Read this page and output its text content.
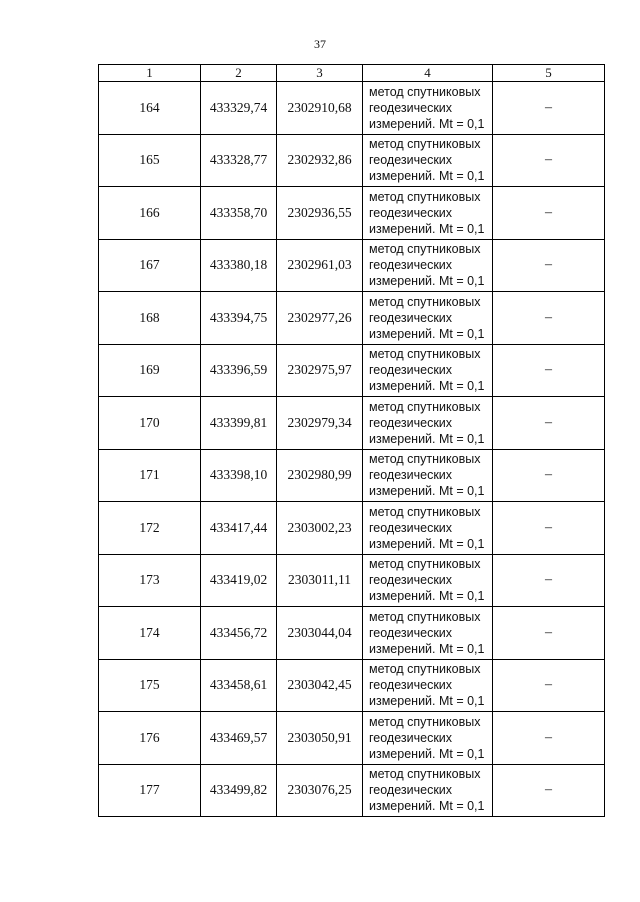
37
1	2	3	4	5
164	433329,74	2302910,68	метод спутниковых
геодезических
измерений. Mt = 0,1	–
165	433328,77	2302932,86	метод спутниковых
геодезических
измерений. Mt = 0,1	–
166	433358,70	2302936,55	метод спутниковых
геодезических
измерений. Mt = 0,1	–
167	433380,18	2302961,03	метод спутниковых
геодезических
измерений. Mt = 0,1	–
168	433394,75	2302977,26	метод спутниковых
геодезических
измерений. Mt = 0,1	–
169	433396,59	2302975,97	метод спутниковых
геодезических
измерений. Mt = 0,1	–
170	433399,81	2302979,34	метод спутниковых
геодезических
измерений. Mt = 0,1	–
171	433398,10	2302980,99	метод спутниковых
геодезических
измерений. Mt = 0,1	–
172	433417,44	2303002,23	метод спутниковых
геодезических
измерений. Mt = 0,1	–
173	433419,02	2303011,11	метод спутниковых
геодезических
измерений. Mt = 0,1	–
174	433456,72	2303044,04	метод спутниковых
геодезических
измерений. Mt = 0,1	–
175	433458,61	2303042,45	метод спутниковых
геодезических
измерений. Mt = 0,1	–
176	433469,57	2303050,91	метод спутниковых
геодезических
измерений. Mt = 0,1	–
177	433499,82	2303076,25	метод спутниковых
геодезических
измерений. Mt = 0,1	–
